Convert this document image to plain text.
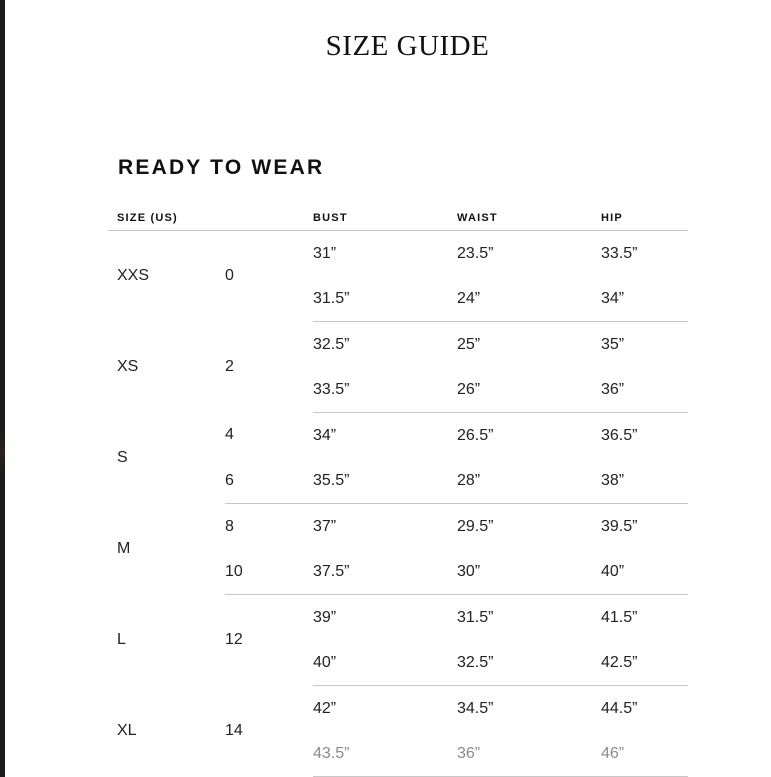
SIZE GUIDE
READY TO WEAR
SIZE (US)		BUST	WAIST	HIP
XXS	0	31”	23.5”	33.5”
		31.5”	24”	34”
XS	2	32.5”	25”	35”
		33.5”	26”	36”
S	4	34”	26.5”	36.5”
	6	35.5”	28”	38”
M	8	37”	29.5”	39.5”
	10	37.5”	30”	40”
L	12	39”	31.5”	41.5”
		40”	32.5”	42.5”
XL	14	42”	34.5”	44.5”
		43.5”	36”	46”
